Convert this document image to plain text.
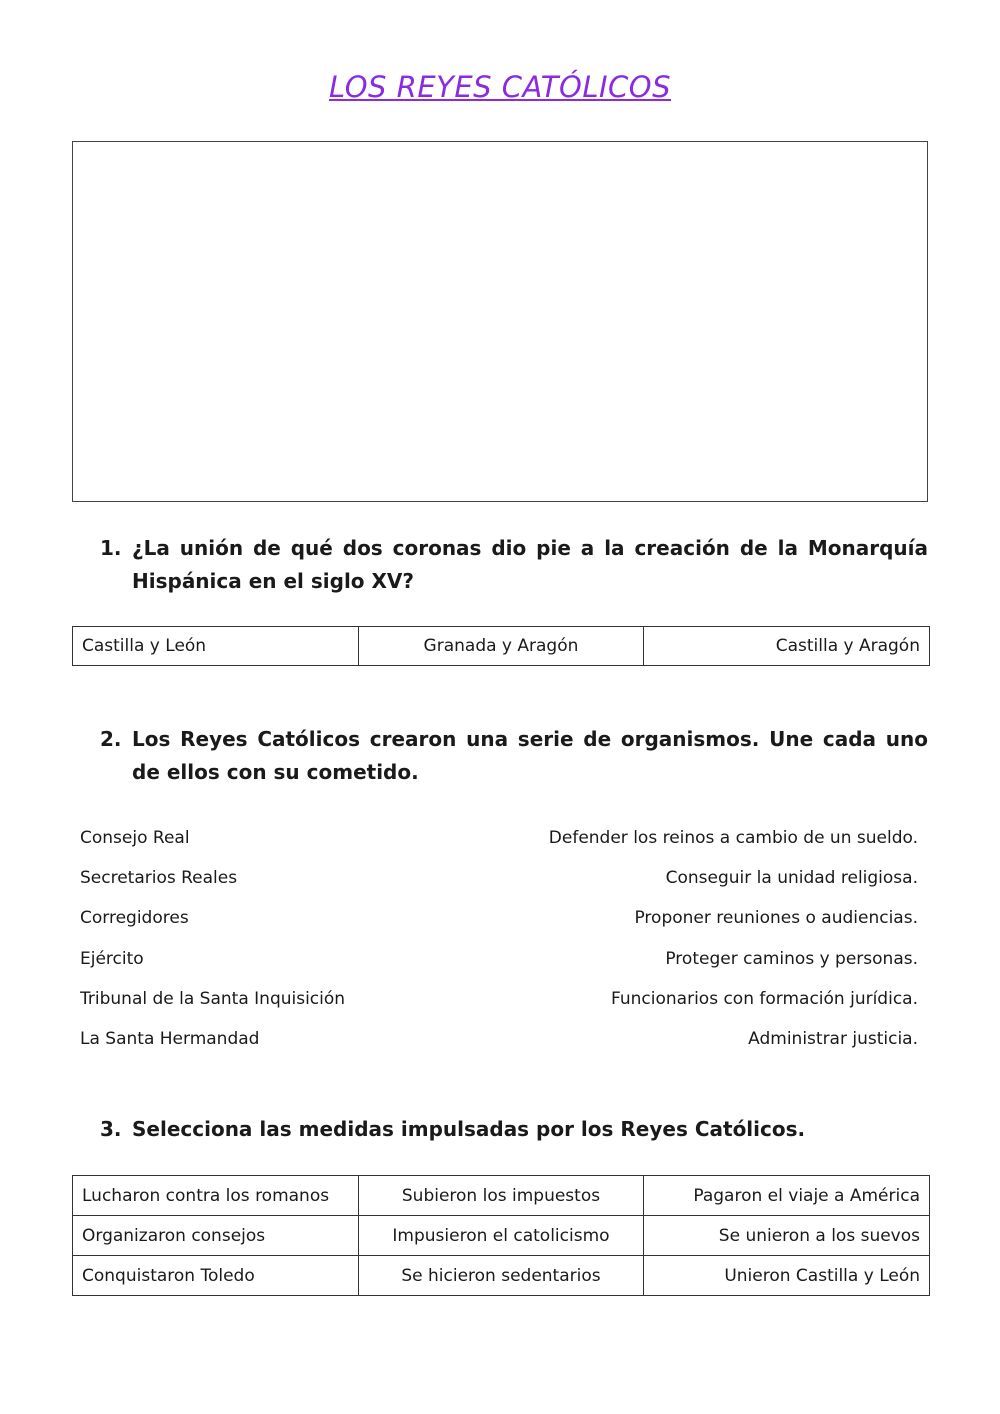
LOS REYES CATÓLICOS
1. ¿La unión de qué dos coronas dio pie a la creación de la Monarquía Hispánica en el siglo XV?
Castilla y León	Granada y Aragón	Castilla y Aragón
2. Los Reyes Católicos crearon una serie de organismos. Une cada uno de ellos con su cometido.
Consejo Real	Defender los reinos a cambio de un sueldo.
Secretarios Reales	Conseguir la unidad religiosa.
Corregidores	Proponer reuniones o audiencias.
Ejército	Proteger caminos y personas.
Tribunal de la Santa Inquisición	Funcionarios con formación jurídica.
La Santa Hermandad	Administrar justicia.
3. Selecciona las medidas impulsadas por los Reyes Católicos.
Lucharon contra los romanos	Subieron los impuestos	Pagaron el viaje a América
Organizaron consejos	Impusieron el catolicismo	Se unieron a los suevos
Conquistaron Toledo	Se hicieron sedentarios	Unieron Castilla y León
